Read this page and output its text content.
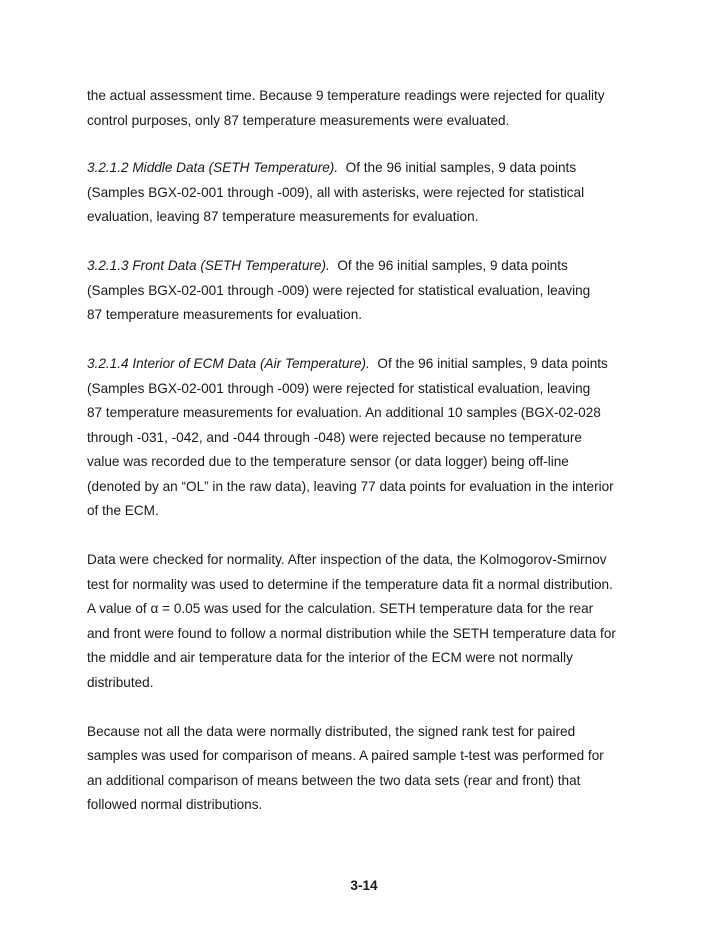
the actual assessment time. Because 9 temperature readings were rejected for quality
control purposes, only 87 temperature measurements were evaluated.

3.2.1.2 Middle Data (SETH Temperature).  Of the 96 initial samples, 9 data points
(Samples BGX-02-001 through -009), all with asterisks, were rejected for statistical
evaluation, leaving 87 temperature measurements for evaluation.

3.2.1.3 Front Data (SETH Temperature).  Of the 96 initial samples, 9 data points
(Samples BGX-02-001 through -009) were rejected for statistical evaluation, leaving
87 temperature measurements for evaluation.

3.2.1.4 Interior of ECM Data (Air Temperature).  Of the 96 initial samples, 9 data points
(Samples BGX-02-001 through -009) were rejected for statistical evaluation, leaving
87 temperature measurements for evaluation. An additional 10 samples (BGX-02-028
through -031, -042, and -044 through -048) were rejected because no temperature
value was recorded due to the temperature sensor (or data logger) being off-line
(denoted by an “OL” in the raw data), leaving 77 data points for evaluation in the interior
of the ECM.

Data were checked for normality. After inspection of the data, the Kolmogorov-Smirnov
test for normality was used to determine if the temperature data fit a normal distribution.
A value of α = 0.05 was used for the calculation. SETH temperature data for the rear
and front were found to follow a normal distribution while the SETH temperature data for
the middle and air temperature data for the interior of the ECM were not normally
distributed.

Because not all the data were normally distributed, the signed rank test for paired
samples was used for comparison of means. A paired sample t-test was performed for
an additional comparison of means between the two data sets (rear and front) that
followed normal distributions.

3-14
